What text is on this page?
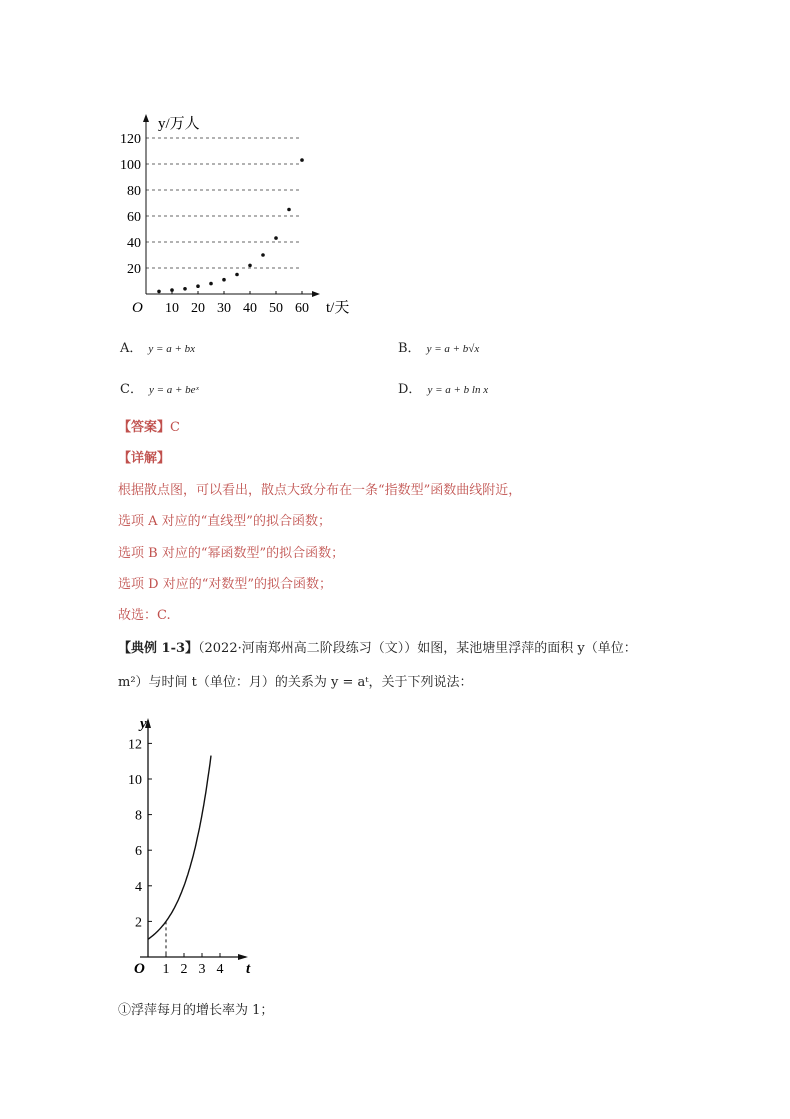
20
40
60
80
100
120
10 20 30 40 50 60
O
y/万人
t/天
A． y = a + bx	B． y = a + b√x
C． y = a + beˣ	D． y = a + b ln x
【答案】C
【详解】
根据散点图，可以看出，散点大致分布在一条“指数型”函数曲线附近，
选项 A 对应的“直线型”的拟合函数；
选项 B 对应的“幂函数型”的拟合函数；
选项 D 对应的“对数型”的拟合函数；
故选：C.
【典例 1-3】（2022·河南郑州高二阶段练习（文））如图，某池塘里浮萍的面积 y（单位：
m²）与时间 t（单位：月）的关系为 y = aᵗ，关于下列说法：
2
4
6
8
10
12
1 2 3 4
O
y
t
①浮萍每月的增长率为 1；
